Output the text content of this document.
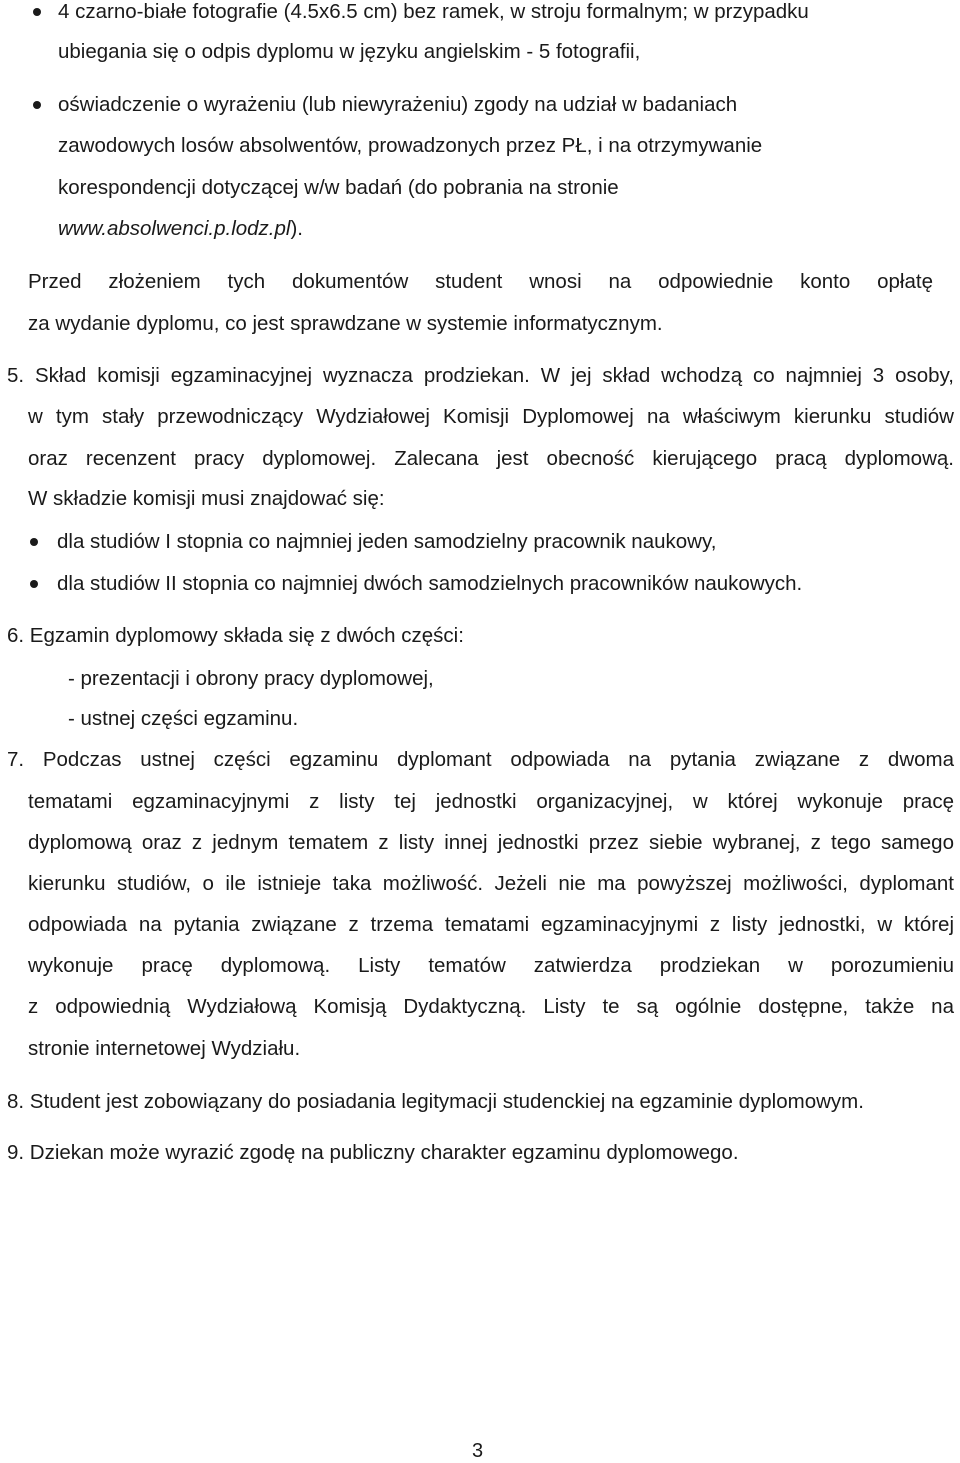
4 czarno-białe fotografie (4.5x6.5 cm) bez ramek, w stroju formalnym; w przypadku
ubiegania się o odpis dyplomu w języku angielskim - 5 fotografii,
oświadczenie o wyrażeniu (lub niewyrażeniu) zgody na udział w badaniach
zawodowych losów absolwentów, prowadzonych przez PŁ, i na otrzymywanie
korespondencji dotyczącej w/w badań (do pobrania na stronie
www.absolwenci.p.lodz.pl).
Przed złożeniem tych dokumentów student wnosi na odpowiednie konto opłatę
za wydanie dyplomu, co jest sprawdzane w systemie informatycznym.
5. Skład komisji egzaminacyjnej wyznacza prodziekan. W jej skład wchodzą co najmniej 3 osoby,
w tym stały przewodniczący Wydziałowej Komisji Dyplomowej na właściwym kierunku studiów
oraz recenzent pracy dyplomowej. Zalecana jest obecność kierującego pracą dyplomową.
W składzie komisji musi znajdować się:
dla studiów I stopnia co najmniej jeden samodzielny pracownik naukowy,
dla studiów II stopnia co najmniej dwóch samodzielnych pracowników naukowych.
6. Egzamin dyplomowy składa się z dwóch części:
- prezentacji i obrony pracy dyplomowej,
- ustnej części egzaminu.
7. Podczas ustnej części egzaminu dyplomant odpowiada na pytania związane z dwoma
tematami egzaminacyjnymi z listy tej jednostki organizacyjnej, w której wykonuje pracę
dyplomową oraz z jednym tematem z listy innej jednostki przez siebie wybranej, z tego samego
kierunku studiów, o ile istnieje taka możliwość. Jeżeli nie ma powyższej możliwości, dyplomant
odpowiada na pytania związane z trzema tematami egzaminacyjnymi z listy jednostki, w której
wykonuje pracę dyplomową. Listy tematów zatwierdza prodziekan w porozumieniu
z odpowiednią Wydziałową Komisją Dydaktyczną. Listy te są ogólnie dostępne, także na
stronie internetowej Wydziału.
8. Student jest zobowiązany do posiadania legitymacji studenckiej na egzaminie dyplomowym.
9. Dziekan może wyrazić zgodę na publiczny charakter egzaminu dyplomowego.
3
